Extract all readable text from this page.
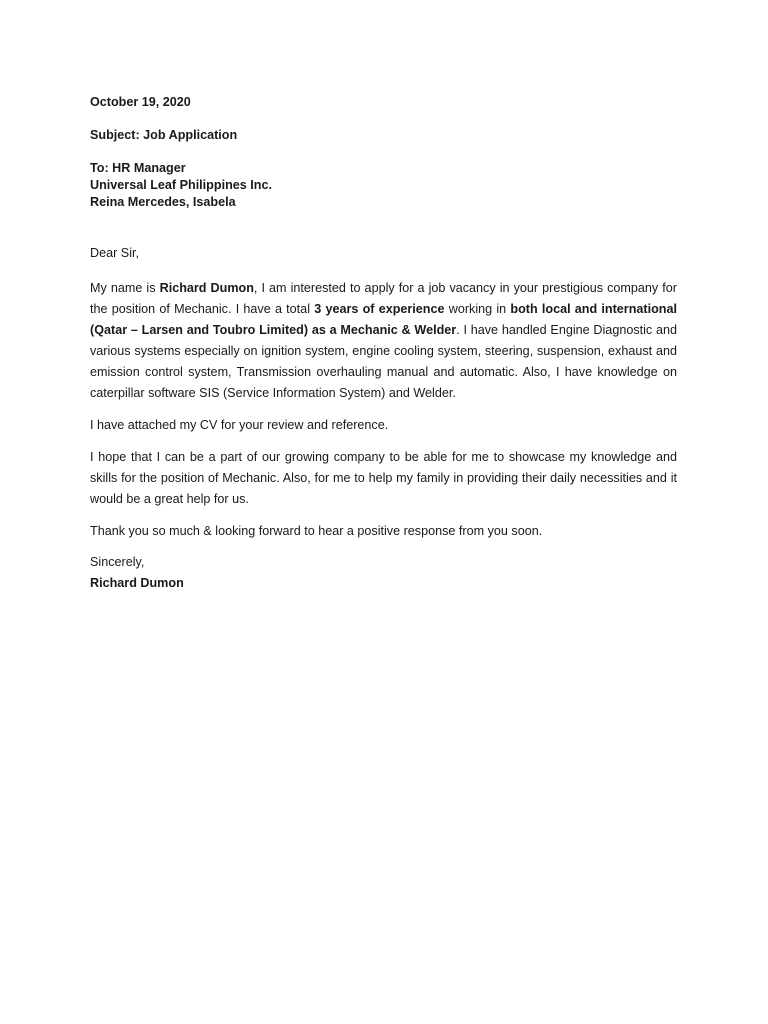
October 19, 2020
Subject: Job Application
To: HR Manager
Universal Leaf Philippines Inc.
Reina Mercedes, Isabela
Dear Sir,

My name is Richard Dumon, I am interested to apply for a job vacancy in your prestigious company for the position of Mechanic. I have a total 3 years of experience working in both local and international (Qatar – Larsen and Toubro Limited) as a Mechanic & Welder. I have handled Engine Diagnostic and various systems especially on ignition system, engine cooling system, steering, suspension, exhaust and emission control system, Transmission overhauling manual and automatic. Also, I have knowledge on caterpillar software SIS (Service Information System) and Welder.

I have attached my CV for your review and reference.

I hope that I can be a part of our growing company to be able for me to showcase my knowledge and skills for the position of Mechanic. Also, for me to help my family in providing their daily necessities and it would be a great help for us.

Thank you so much & looking forward to hear a positive response from you soon.

Sincerely,

Richard Dumon
